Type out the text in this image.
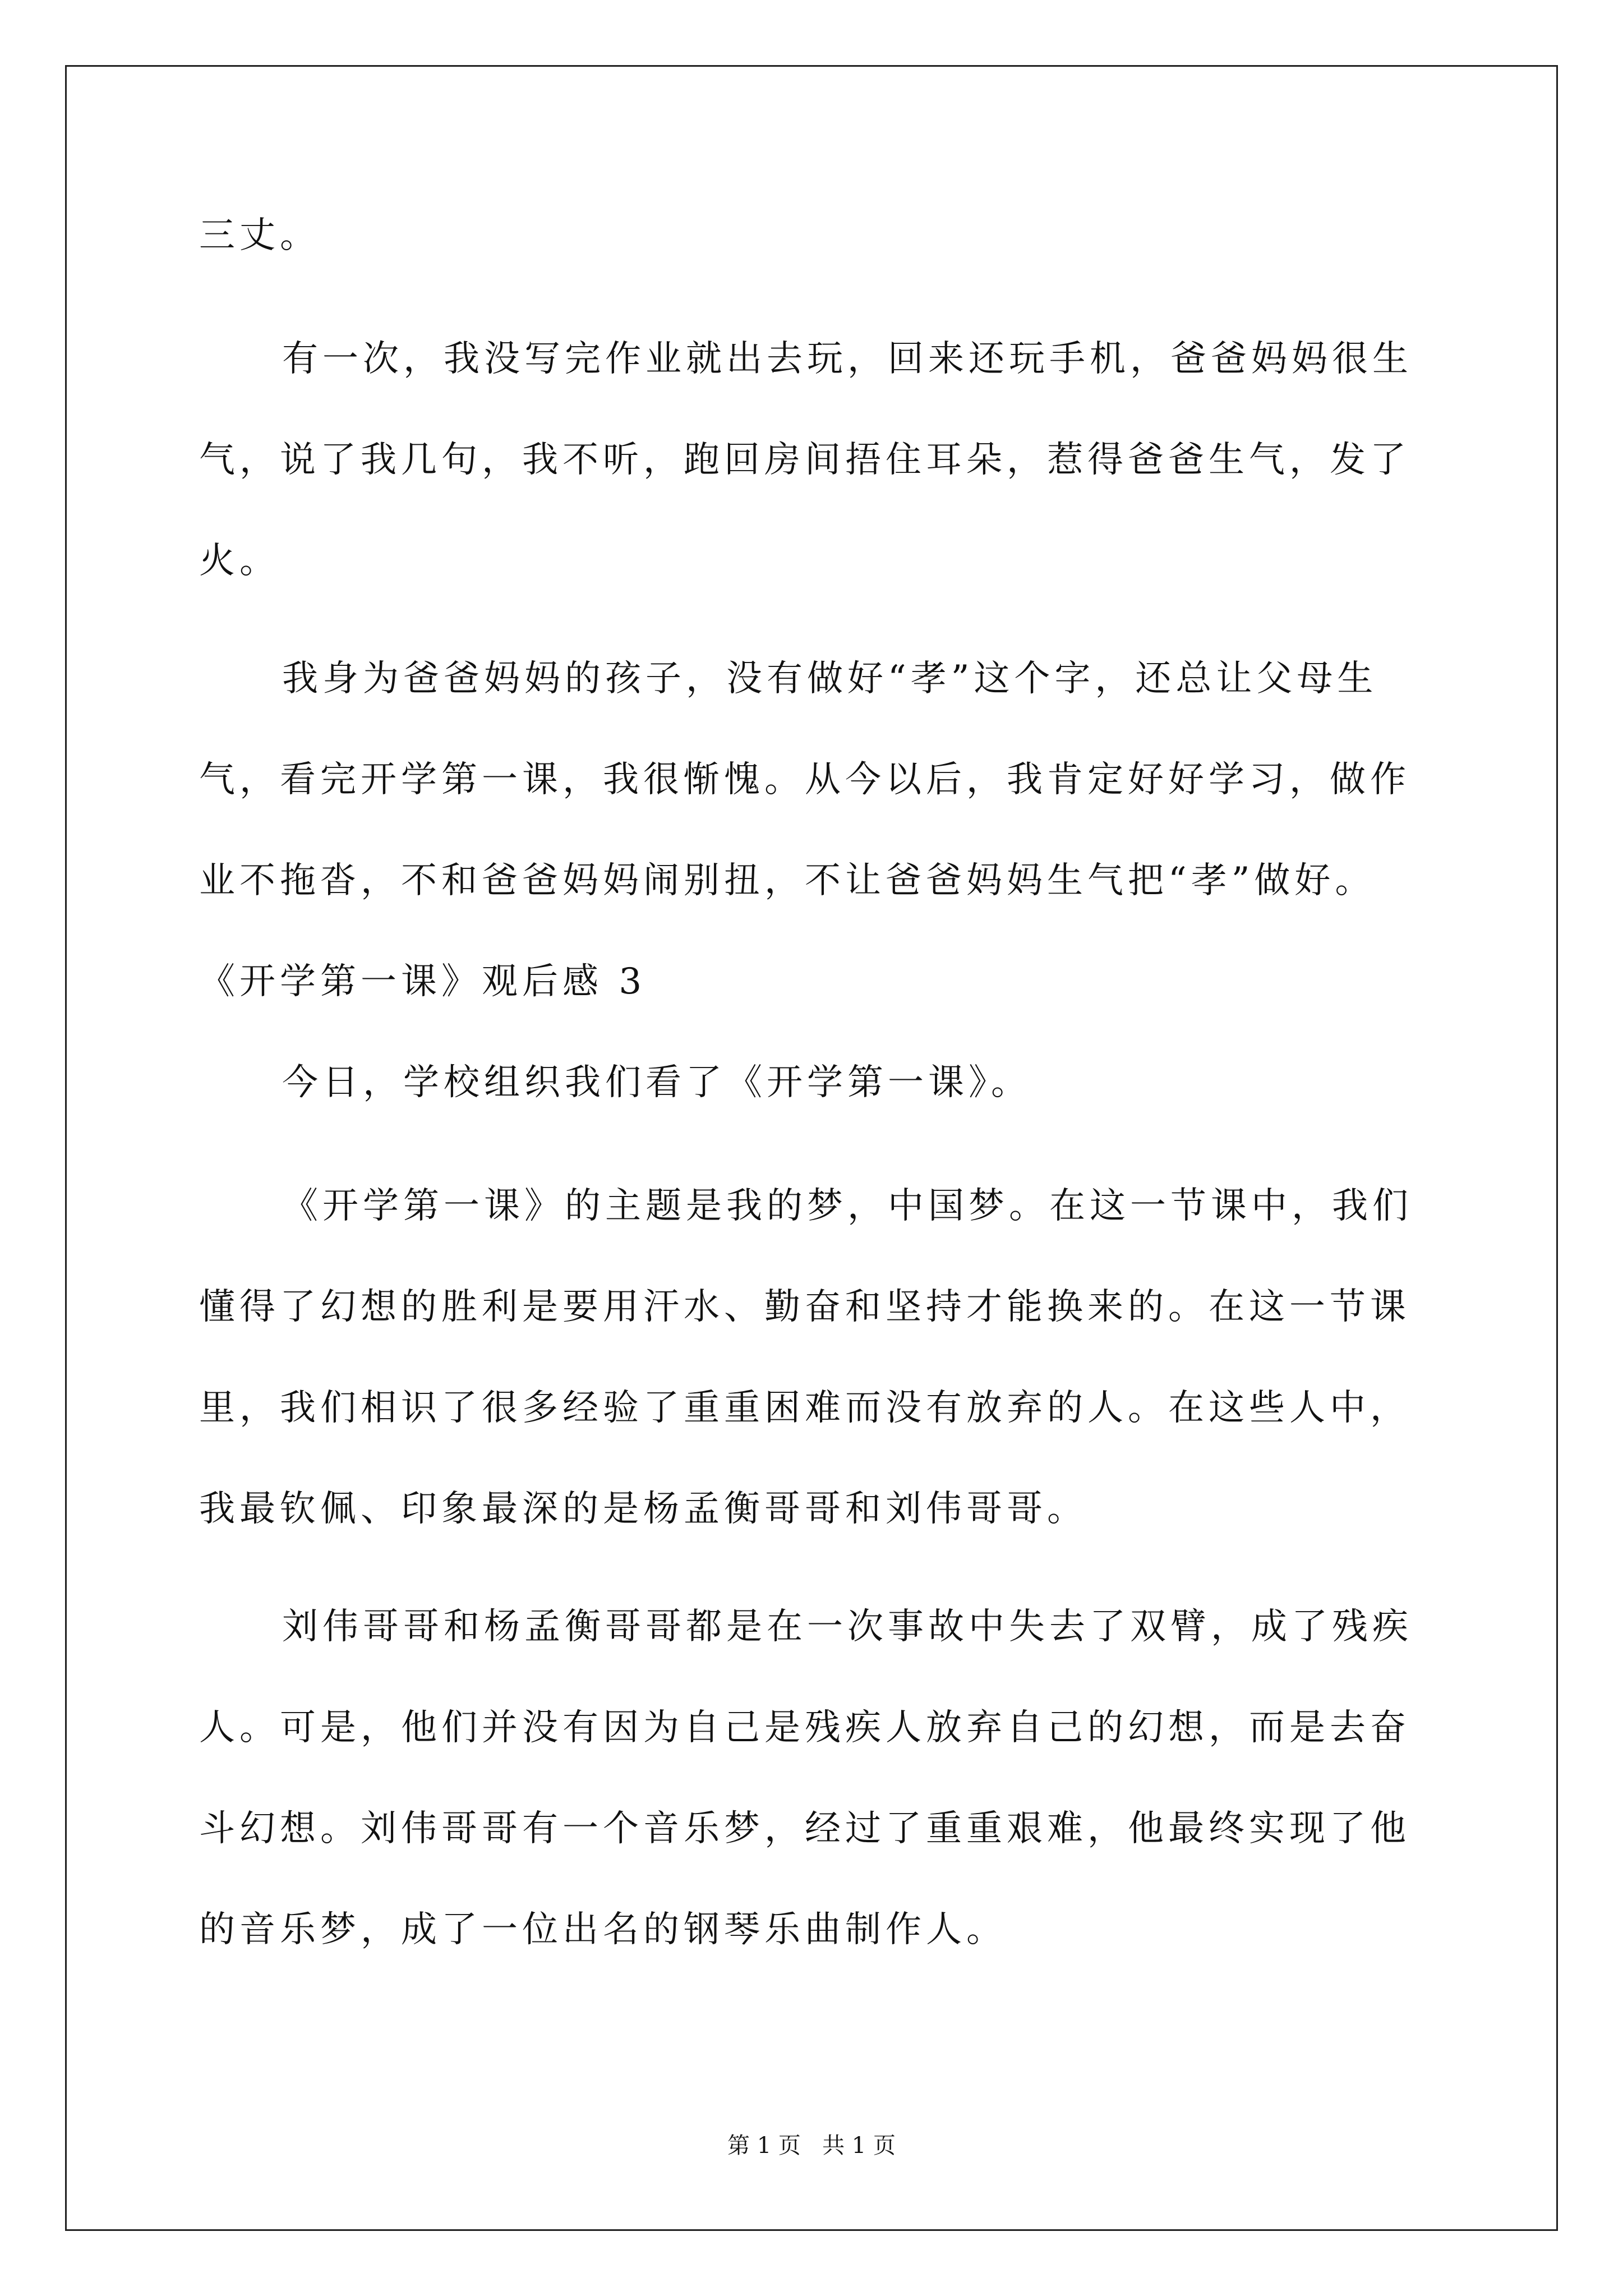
三丈。
有一次，我没写完作业就出去玩，回来还玩手机，爸爸妈妈很生
气，说了我几句，我不听，跑回房间捂住耳朵，惹得爸爸生气，发了
火。
我身为爸爸妈妈的孩子，没有做好“孝”这个字，还总让父母生
气，看完开学第一课，我很惭愧。从今以后，我肯定好好学习，做作
业不拖沓，不和爸爸妈妈闹别扭，不让爸爸妈妈生气把“孝”做好。
《开学第一课》观后感 3
今日，学校组织我们看了《开学第一课》。
《开学第一课》的主题是我的梦，中国梦。在这一节课中，我们
懂得了幻想的胜利是要用汗水、勤奋和坚持才能换来的。在这一节课
里，我们相识了很多经验了重重困难而没有放弃的人。在这些人中，
我最钦佩、印象最深的是杨孟衡哥哥和刘伟哥哥。
刘伟哥哥和杨孟衡哥哥都是在一次事故中失去了双臂，成了残疾
人。可是，他们并没有因为自己是残疾人放弃自己的幻想，而是去奋
斗幻想。刘伟哥哥有一个音乐梦，经过了重重艰难，他最终实现了他
的音乐梦，成了一位出名的钢琴乐曲制作人。
第 1 页   共 1 页
